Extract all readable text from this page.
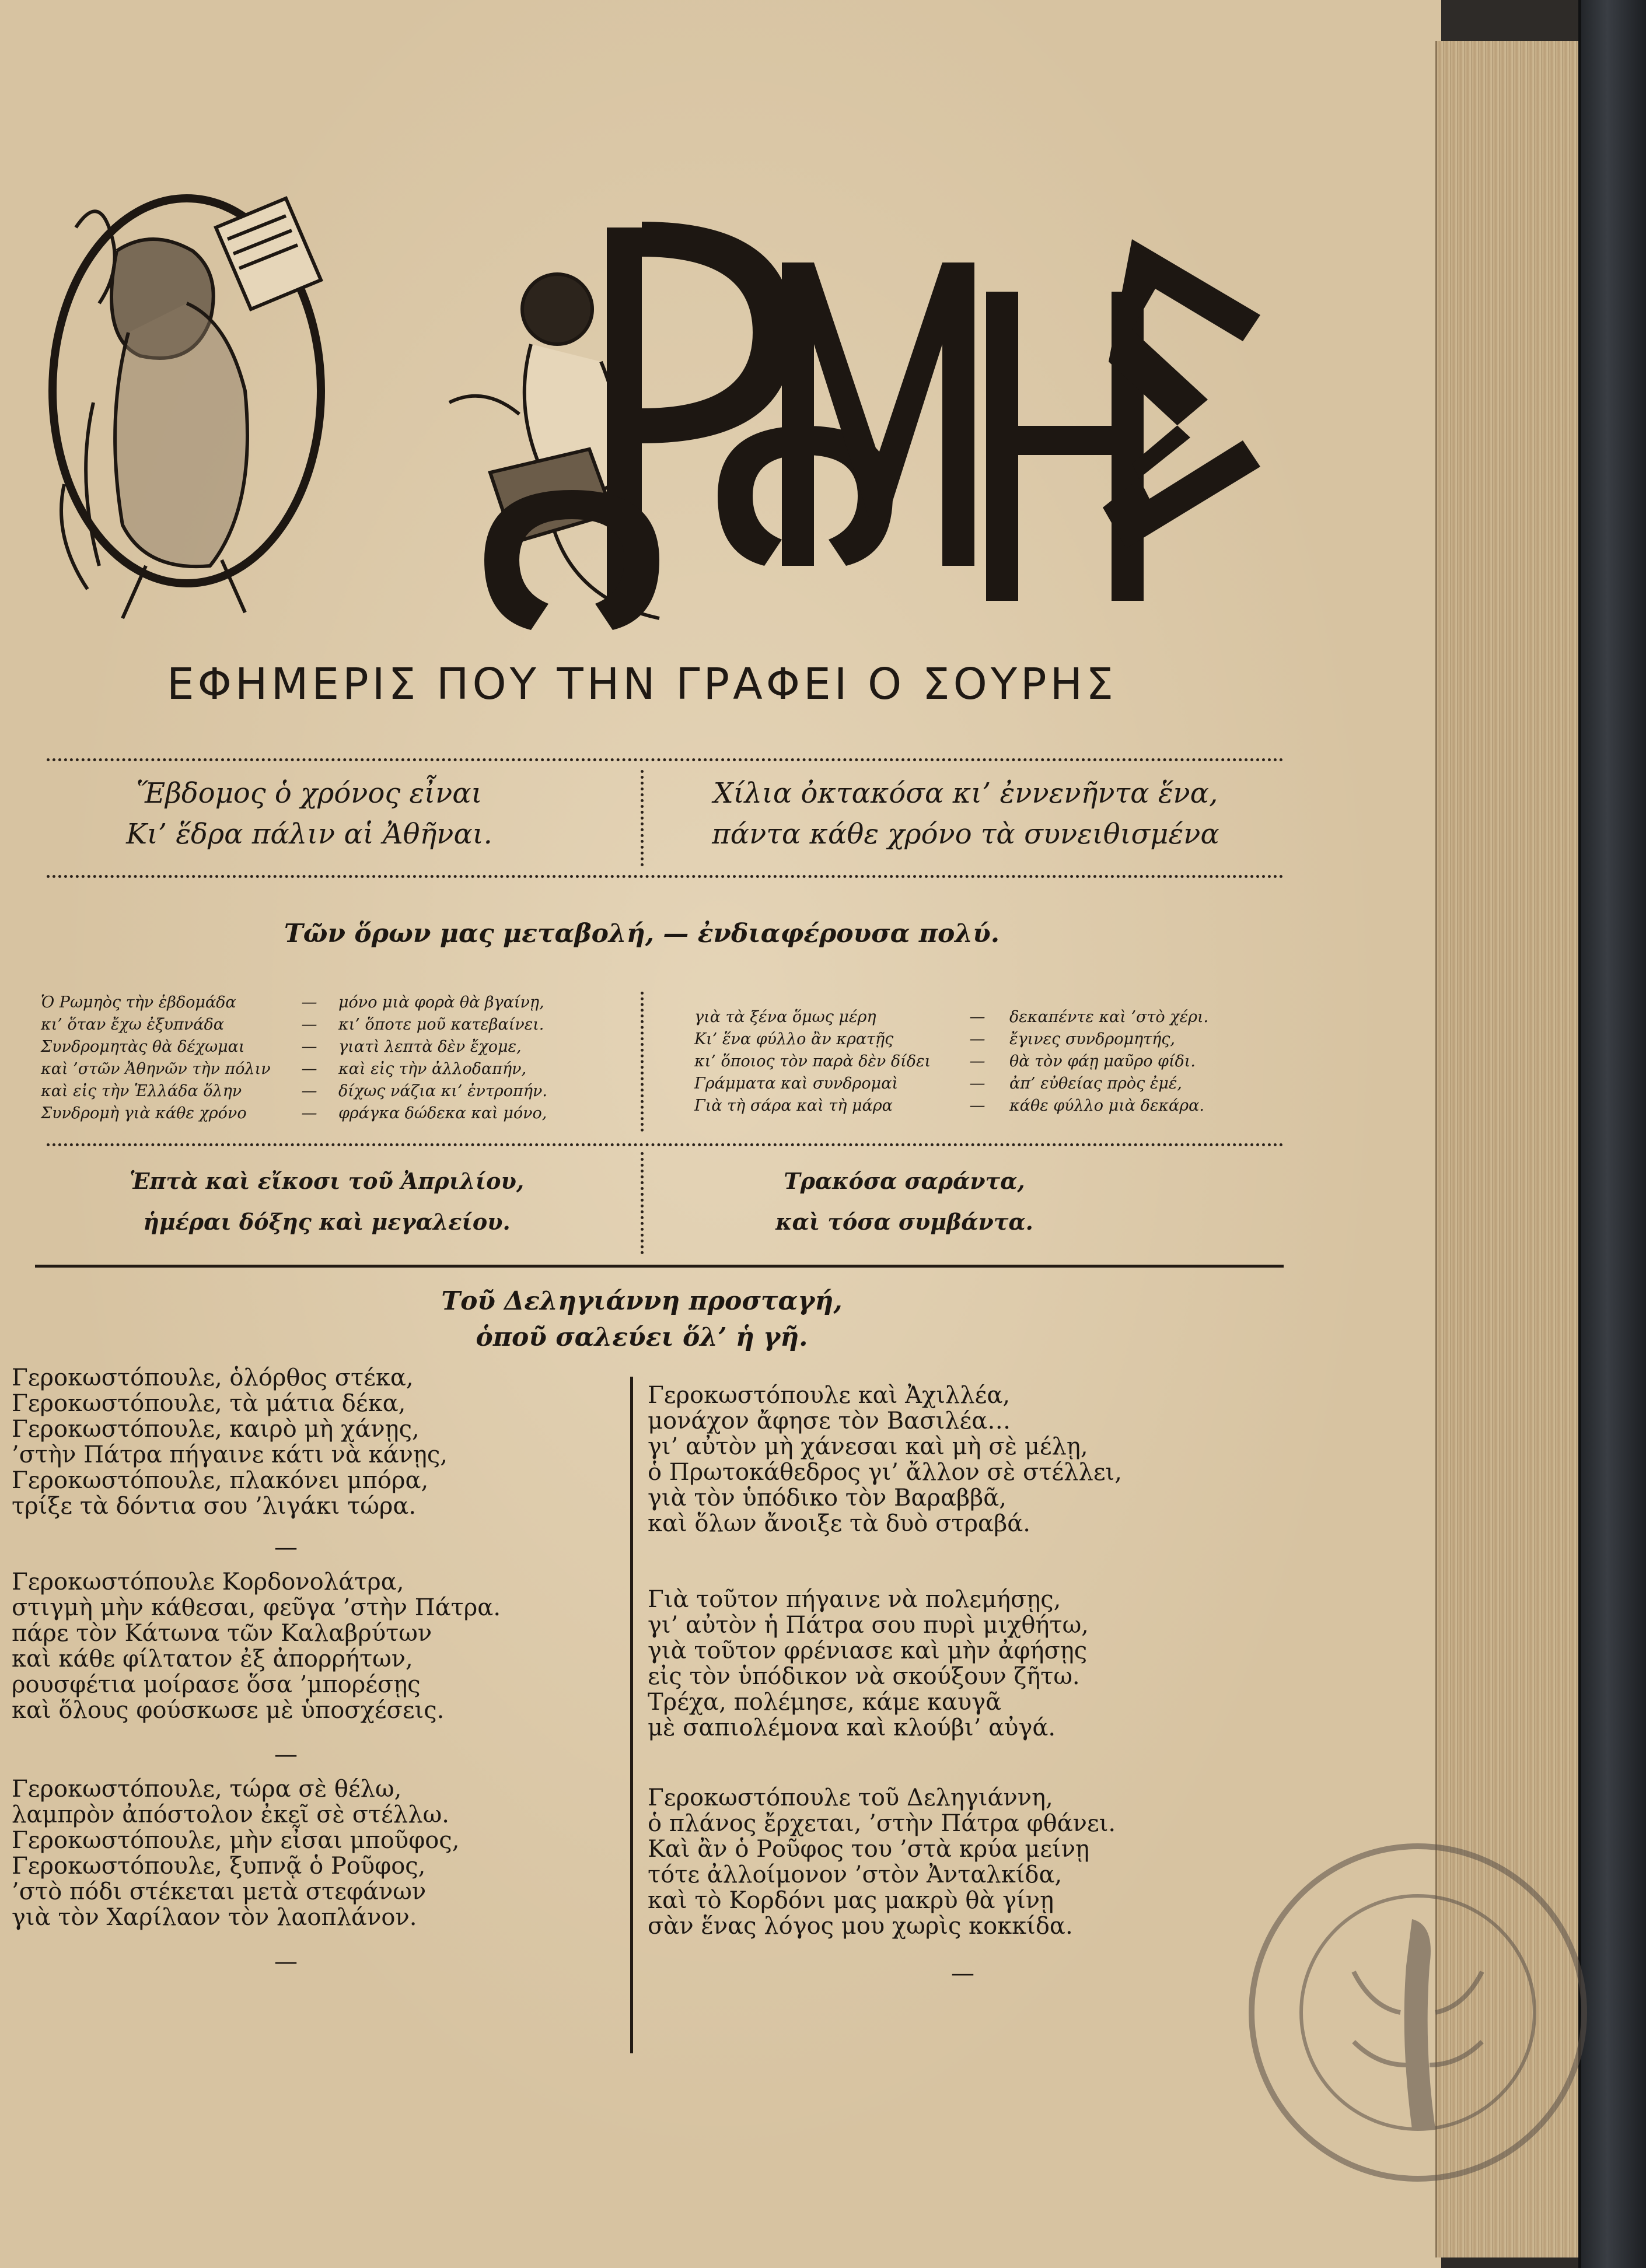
ΕΦΗΜΕΡΙΣ ΠΟΥ ΤΗΝ ΓΡΑΦΕΙ Ο ΣΟΥΡΗΣ
Ἕβδομος ὁ χρόνος εἶναι
Κι’ ἕδρα πάλιν αἱ Ἀθῆναι.
Χίλια ὀκτακόσα κι’ ἐννενῆντα ἕνα,
πάντα κάθε χρόνο τὰ συνειθισμένα
Τῶν ὅρων μας μεταβολή, — ἐνδιαφέρουσα πολύ.
Ὁ Ρωμηὸς τὴν ἑβδομάδα	—	μόνο μιὰ φορὰ θὰ βγαίνῃ,
κι’ ὅταν ἔχω ἐξυπνάδα	—	κι’ ὅποτε μοῦ κατεβαίνει.
Συνδρομητὰς θὰ δέχωμαι	—	γιατὶ λεπτὰ δὲν ἔχομε,
καὶ ’στῶν Ἀθηνῶν τὴν πόλιν	—	καὶ εἰς τὴν ἀλλοδαπήν,
καὶ εἰς τὴν Ἑλλάδα ὅλην	—	δίχως νάζια κι’ ἐντροπήν.
Συνδρομὴ γιὰ κάθε χρόνο	—	φράγκα δώδεκα καὶ μόνο,
γιὰ τὰ ξένα ὅμως μέρη	—	δεκαπέντε καὶ ’στὸ χέρι.
Κι’ ἕνα φύλλο ἂν κρατῇς	—	ἔγινες συνδρομητής,
κι’ ὅποιος τὸν παρὰ δὲν δίδει	—	θὰ τὸν φάῃ μαῦρο φίδι.
Γράμματα καὶ συνδρομαὶ	—	ἀπ’ εὐθείας πρὸς ἐμέ,
Γιὰ τὴ σάρα καὶ τὴ μάρα	—	κάθε φύλλο μιὰ δεκάρα.
Ἑπτὰ καὶ εἴκοσι τοῦ Ἀπριλίου,
ἡμέραι δόξης καὶ μεγαλείου.
Τρακόσα σαράντα,
καὶ τόσα συμβάντα.
Τοῦ Δεληγιάννη προσταγή,
ὁποῦ σαλεύει ὅλ’ ἡ γῆ.
Γεροκωστόπουλε, ὁλόρθος στέκα,
Γεροκωστόπουλε, τὰ μάτια δέκα,
Γεροκωστόπουλε, καιρὸ μὴ χάνῃς,
’στὴν Πάτρα πήγαινε κάτι νὰ κάνῃς,
Γεροκωστόπουλε, πλακόνει μπόρα,
τρίξε τὰ δόντια σου ’λιγάκι τώρα.
—
Γεροκωστόπουλε Κορδονολάτρα,
στιγμὴ μὴν κάθεσαι, φεῦγα ’στὴν Πάτρα.
πάρε τὸν Κάτωνα τῶν Καλαβρύτων
καὶ κάθε φίλτατον ἐξ ἀπορρήτων,
ρουσφέτια μοίρασε ὅσα ’μπορέσῃς
καὶ ὅλους φούσκωσε μὲ ὑποσχέσεις.
—
Γεροκωστόπουλε, τώρα σὲ θέλω,
λαμπρὸν ἀπόστολον ἐκεῖ σὲ στέλλω.
Γεροκωστόπουλε, μὴν εἶσαι μποῦφος,
Γεροκωστόπουλε, ξυπνᾷ ὁ Ροῦφος,
’στὸ πόδι στέκεται μετὰ στεφάνων
γιὰ τὸν Χαρίλαον τὸν λαοπλάνον.
—
Γεροκωστόπουλε καὶ Ἀχιλλέα,
μονάχον ἄφησε τὸν Βασιλέα…
γι’ αὐτὸν μὴ χάνεσαι καὶ μὴ σὲ μέλῃ,
ὁ Πρωτοκάθεδρος γι’ ἄλλον σὲ στέλλει,
γιὰ τὸν ὑπόδικο τὸν Βαραββᾶ,
καὶ ὅλων ἄνοιξε τὰ δυὸ στραβά.
Γιὰ τοῦτον πήγαινε νὰ πολεμήσῃς,
γι’ αὐτὸν ἡ Πάτρα σου πυρὶ μιχθήτω,
γιὰ τοῦτον φρένιασε καὶ μὴν ἀφήσῃς
εἰς τὸν ὑπόδικον νὰ σκούξουν ζῆτω.
Τρέχα, πολέμησε, κάμε καυγᾶ
μὲ σαπιολέμονα καὶ κλούβι’ αὐγά.
Γεροκωστόπουλε τοῦ Δεληγιάννη,
ὁ πλάνος ἔρχεται, ’στὴν Πάτρα φθάνει.
Καὶ ἂν ὁ Ροῦφος του ’στὰ κρύα μείνῃ
τότε ἀλλοίμονον ’στὸν Ἀνταλκίδα,
καὶ τὸ Κορδόνι μας μακρὺ θὰ γίνῃ
σὰν ἕνας λόγος μου χωρὶς κοκκίδα.
—
